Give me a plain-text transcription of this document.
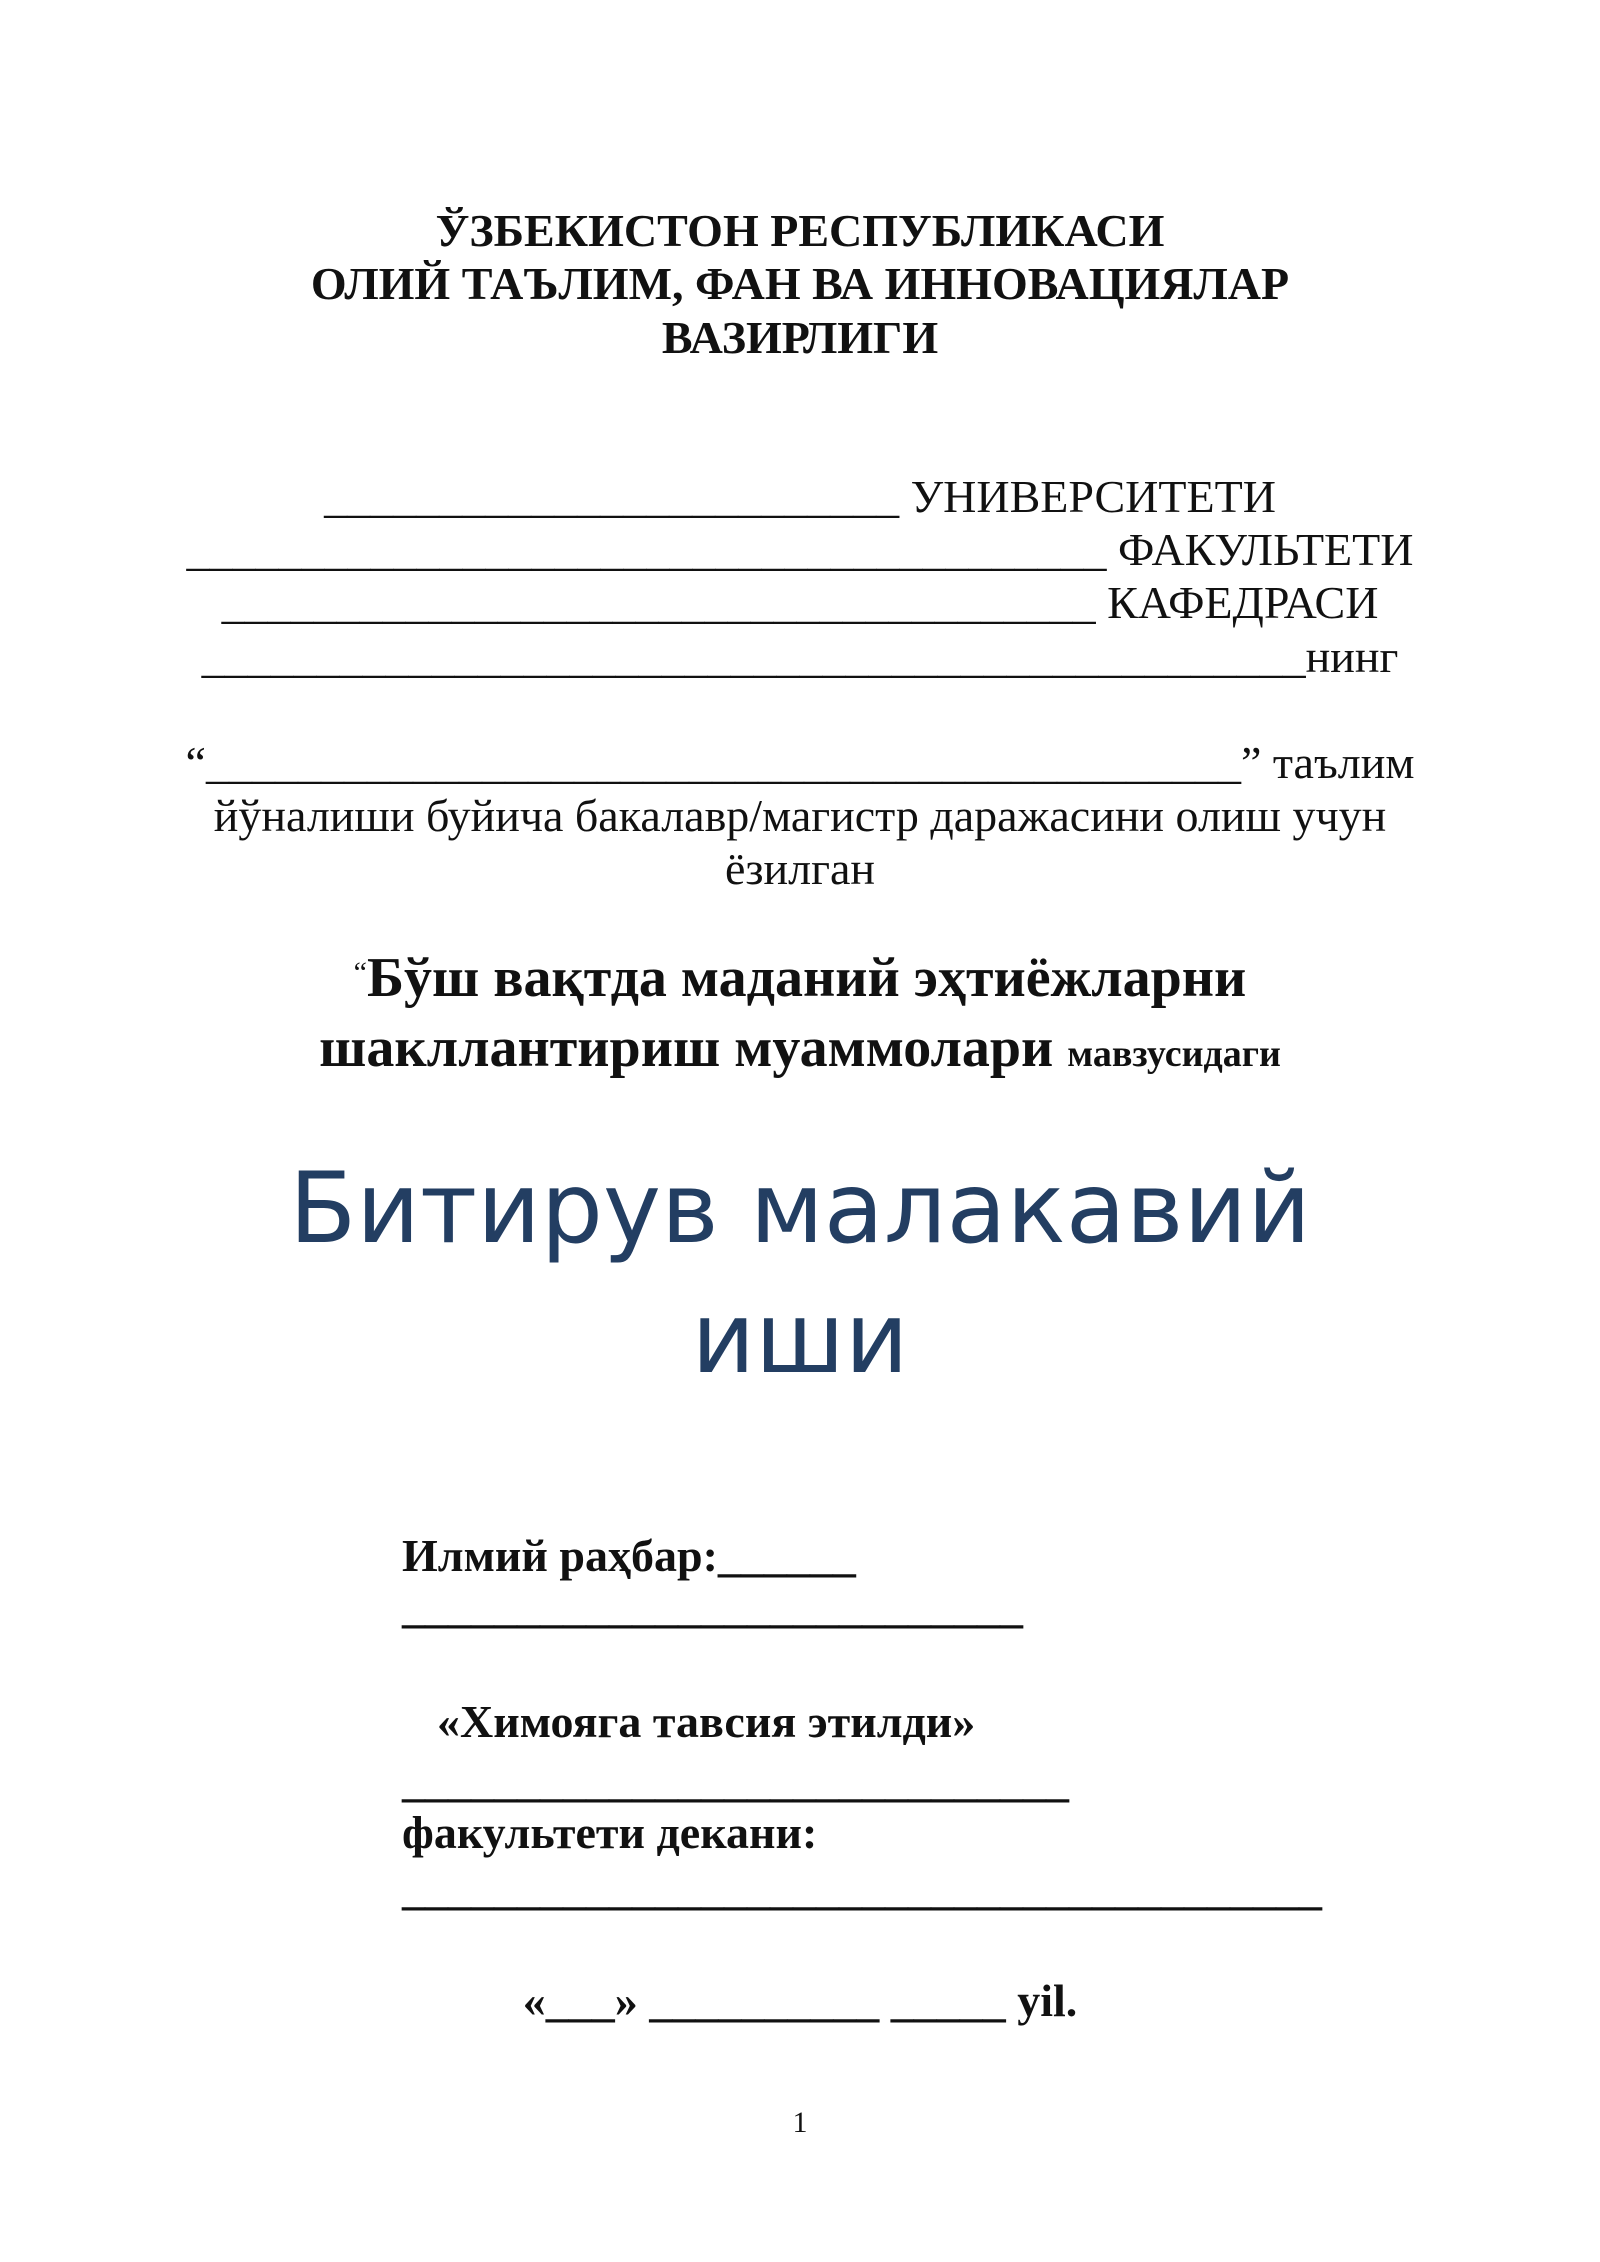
ЎЗБЕКИСТОН РЕСПУБЛИКАСИ
ОЛИЙ ТАЪЛИМ, ФАН ВА ИННОВАЦИЯЛАР
ВАЗИРЛИГИ
_________________________ УНИВЕРСИТЕТИ
________________________________________ ФАКУЛЬТЕТИ
______________________________________ КАФЕДРАСИ
________________________________________________нинг
“_____________________________________________” таълим
йўналиши буйича бакалавр/магистр даражасини олиш учун
ёзилган
“Бўш вақтда маданий эҳтиёжларни
шакллантириш муаммолари мавзусидаги
Битирув малакавий
иши
Илмий раҳбар:______
___________________________
«Химояга тавсия этилди»
_____________________________
факультети декани:
________________________________________
«___» __________ _____ yil.
1
